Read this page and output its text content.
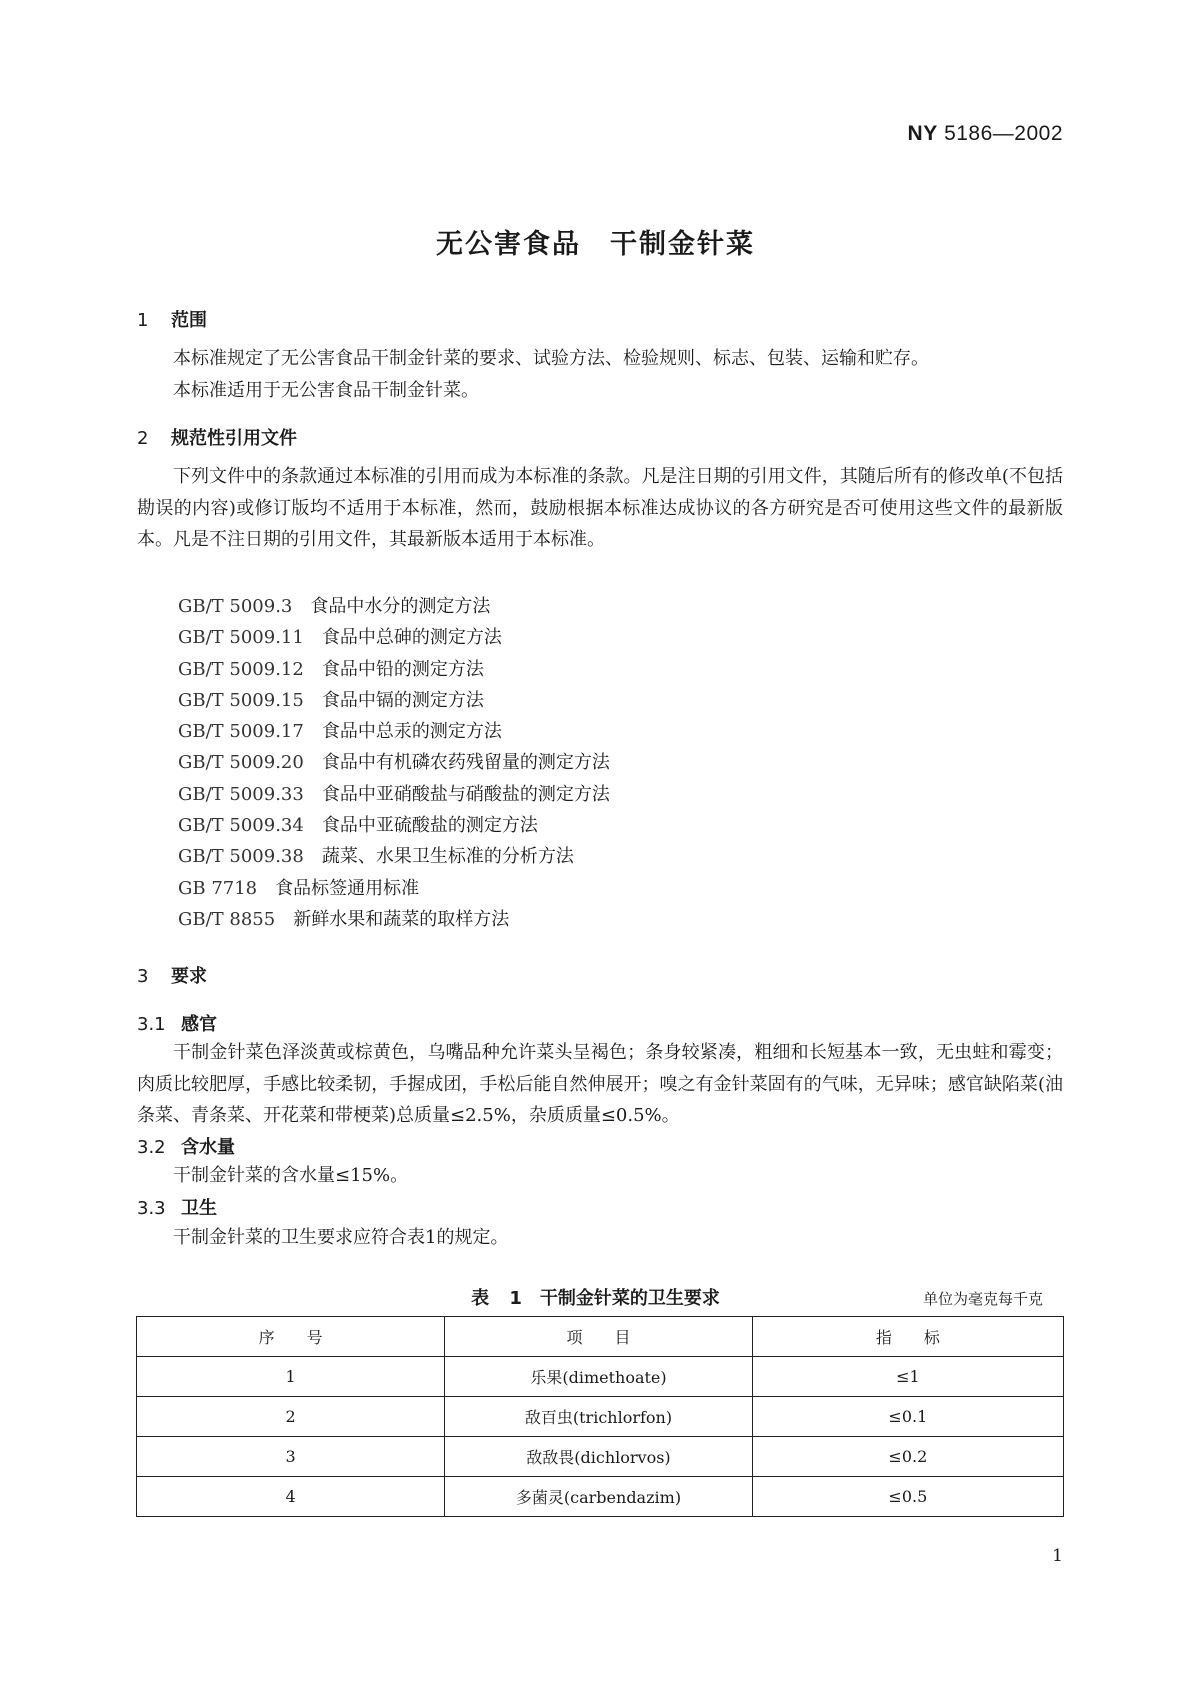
NY 5186—2002
无公害食品　干制金针菜
1 范围

本标准规定了无公害食品干制金针菜的要求、试验方法、检验规则、标志、包装、运输和贮存。

本标准适用于无公害食品干制金针菜。

2 规范性引用文件

下列文件中的条款通过本标准的引用而成为本标准的条款。凡是注日期的引用文件，其随后所有的修改单(不包括勘误的内容)或修订版均不适用于本标准，然而，鼓励根据本标准达成协议的各方研究是否可使用这些文件的最新版本。凡是不注日期的引用文件，其最新版本适用于本标准。

GB/T 5009.3 食品中水分的测定方法
GB/T 5009.11 食品中总砷的测定方法
GB/T 5009.12 食品中铅的测定方法
GB/T 5009.15 食品中镉的测定方法
GB/T 5009.17 食品中总汞的测定方法
GB/T 5009.20 食品中有机磷农药残留量的测定方法
GB/T 5009.33 食品中亚硝酸盐与硝酸盐的测定方法
GB/T 5009.34 食品中亚硫酸盐的测定方法
GB/T 5009.38 蔬菜、水果卫生标准的分析方法
GB 7718 食品标签通用标准
GB/T 8855 新鲜水果和蔬菜的取样方法
3 要求
3.1 感官

干制金针菜色泽淡黄或棕黄色，乌嘴品种允许菜头呈褐色；条身较紧凑，粗细和长短基本一致，无虫蛀和霉变；肉质比较肥厚，手感比较柔韧，手握成团，手松后能自然伸展开；嗅之有金针菜固有的气味，无异味；感官缺陷菜(油条菜、青条菜、开花菜和带梗菜)总质量≤2.5%，杂质质量≤0.5%。

3.2 含水量

干制金针菜的含水量≤15%。

3.3 卫生

干制金针菜的卫生要求应符合表1的规定。

表 1　干制金针菜的卫生要求	单位为毫克每千克
序　　号	项　　目	指　　标
1	乐果(dimethoate)	≤1
2	敌百虫(trichlorfon)	≤0.1
3	敌敌畏(dichlorvos)	≤0.2
4	多菌灵(carbendazim)	≤0.5
1
